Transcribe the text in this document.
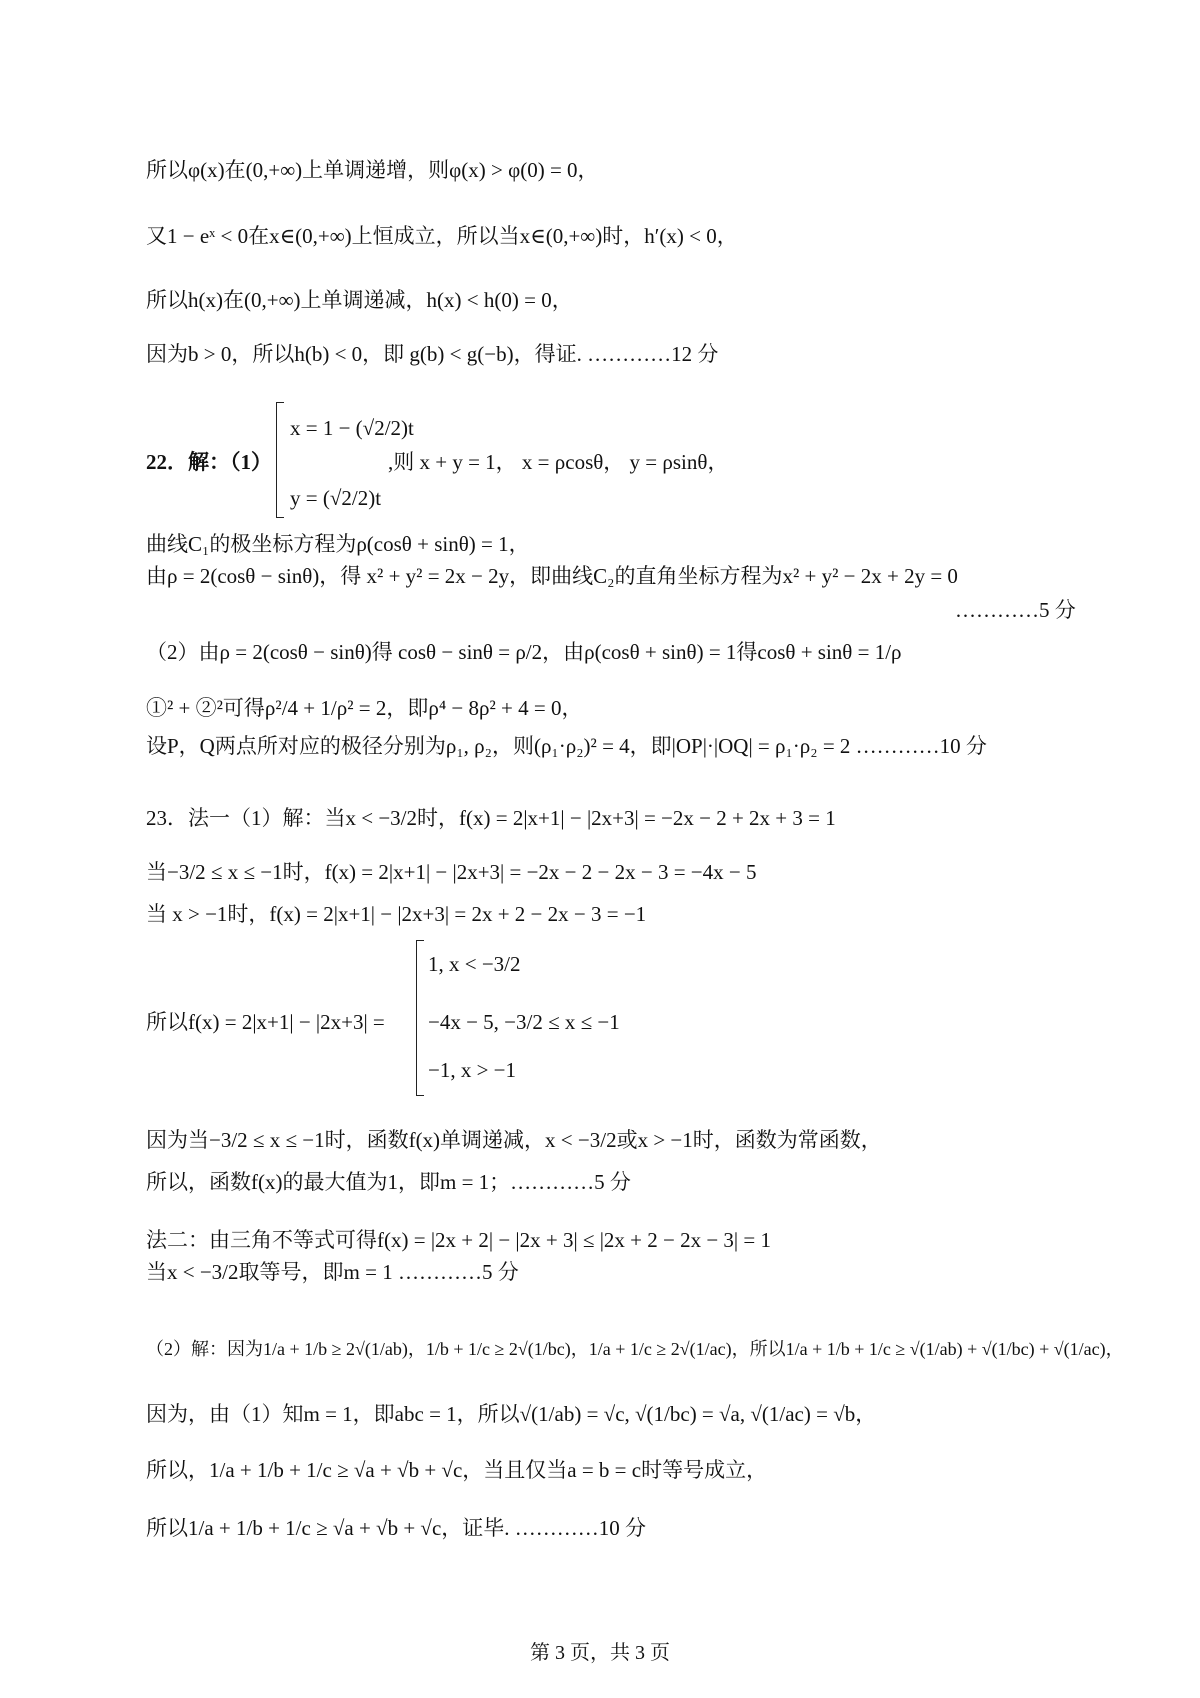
所以φ(x)在(0,+∞)上单调递增，则φ(x) > φ(0) = 0，
又1 − eˣ < 0在x∈(0,+∞)上恒成立，所以当x∈(0,+∞)时，h′(x) < 0，
所以h(x)在(0,+∞)上单调递减，h(x) < h(0) = 0，
因为b > 0，所以h(b) < 0，即 g(b) < g(−b)，得证. …………12 分
22．解：（1）
x = 1 − (√2/2)t
y = (√2/2)t
,则 x + y = 1， x = ρcosθ， y = ρsinθ，
曲线C₁的极坐标方程为ρ(cosθ + sinθ) = 1，
由ρ = 2(cosθ − sinθ)，得 x² + y² = 2x − 2y，即曲线C₂的直角坐标方程为x² + y² − 2x + 2y = 0
…………5 分
（2）由ρ = 2(cosθ − sinθ)得 cosθ − sinθ = ρ/2，由ρ(cosθ + sinθ) = 1得cosθ + sinθ = 1/ρ
①² + ②²可得ρ²/4 + 1/ρ² = 2，即ρ⁴ − 8ρ² + 4 = 0，
设P，Q两点所对应的极径分别为ρ₁, ρ₂，则(ρ₁·ρ₂)² = 4，即|OP|·|OQ| = ρ₁·ρ₂ = 2 …………10 分
23．法一（1）解：当x < −3/2时，f(x) = 2|x+1| − |2x+3| = −2x − 2 + 2x + 3 = 1
当−3/2 ≤ x ≤ −1时，f(x) = 2|x+1| − |2x+3| = −2x − 2 − 2x − 3 = −4x − 5
当 x > −1时，f(x) = 2|x+1| − |2x+3| = 2x + 2 − 2x − 3 = −1
所以f(x) = 2|x+1| − |2x+3| =
1, x < −3/2
−4x − 5, −3/2 ≤ x ≤ −1
−1, x > −1
因为当−3/2 ≤ x ≤ −1时，函数f(x)单调递减，x < −3/2或x > −1时，函数为常函数，
所以，函数f(x)的最大值为1，即m = 1；…………5 分
法二：由三角不等式可得f(x) = |2x + 2| − |2x + 3| ≤ |2x + 2 − 2x − 3| = 1
当x < −3/2取等号，即m = 1 …………5 分
（2）解：因为1/a + 1/b ≥ 2√(1/ab)，1/b + 1/c ≥ 2√(1/bc)，1/a + 1/c ≥ 2√(1/ac)，所以1/a + 1/b + 1/c ≥ √(1/ab) + √(1/bc) + √(1/ac)，
因为，由（1）知m = 1，即abc = 1，所以√(1/ab) = √c, √(1/bc) = √a, √(1/ac) = √b，
所以，1/a + 1/b + 1/c ≥ √a + √b + √c，当且仅当a = b = c时等号成立，
所以1/a + 1/b + 1/c ≥ √a + √b + √c，证毕. …………10 分
第 3 页，共 3 页
